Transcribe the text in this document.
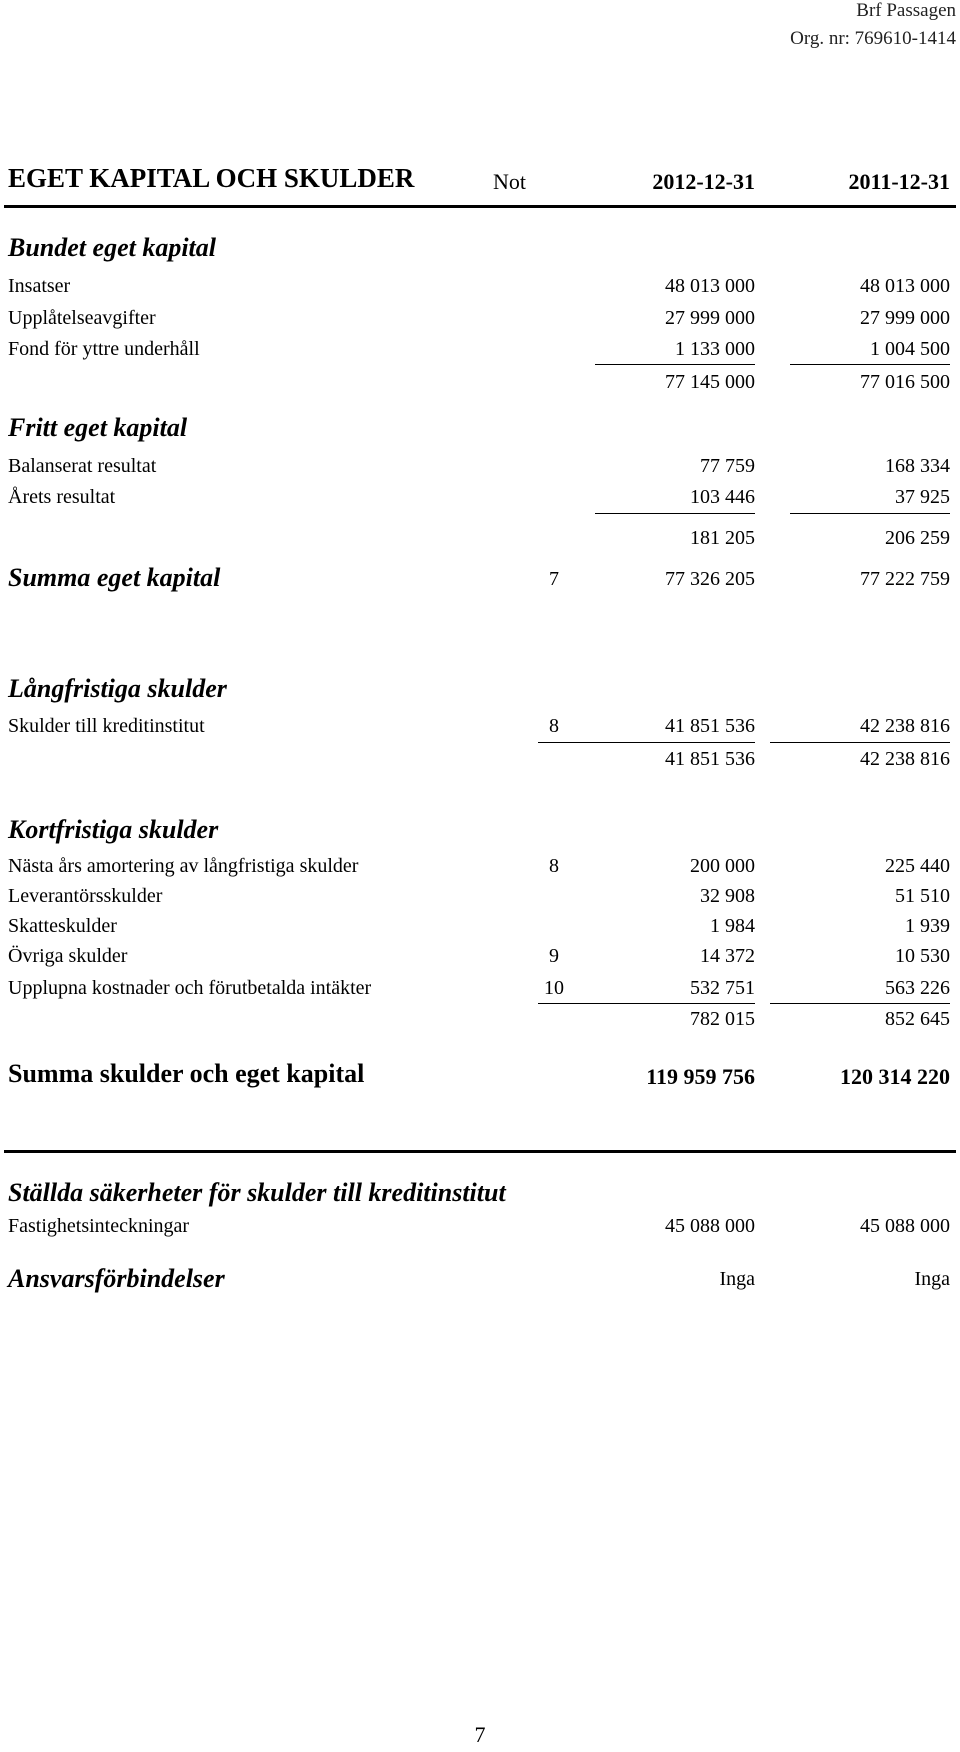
Brf Passagen
Org. nr: 769610-1414
EGET KAPITAL OCH SKULDER	Not	2012-12-31	2011-12-31
Bundet eget kapital
Insatser	48 013 000	48 013 000
Upplåtelseavgifter	27 999 000	27 999 000
Fond för yttre underhåll	1 133 000	1 004 500
77 145 000	77 016 500
Fritt eget kapital
Balanserat resultat	77 759	168 334
Årets resultat	103 446	37 925
181 205	206 259
Summa eget kapital	7	77 326 205	77 222 759
Långfristiga skulder
Skulder till kreditinstitut	8	41 851 536	42 238 816
41 851 536	42 238 816
Kortfristiga skulder
Nästa års amortering av långfristiga skulder	8	200 000	225 440
Leverantörsskulder	32 908	51 510
Skatteskulder	1 984	1 939
Övriga skulder	9	14 372	10 530
Upplupna kostnader och förutbetalda intäkter	10	532 751	563 226
782 015	852 645
Summa skulder och eget kapital	119 959 756	120 314 220
Ställda säkerheter för skulder till kreditinstitut
Fastighetsinteckningar	45 088 000	45 088 000
Ansvarsförbindelser	Inga	Inga
7
